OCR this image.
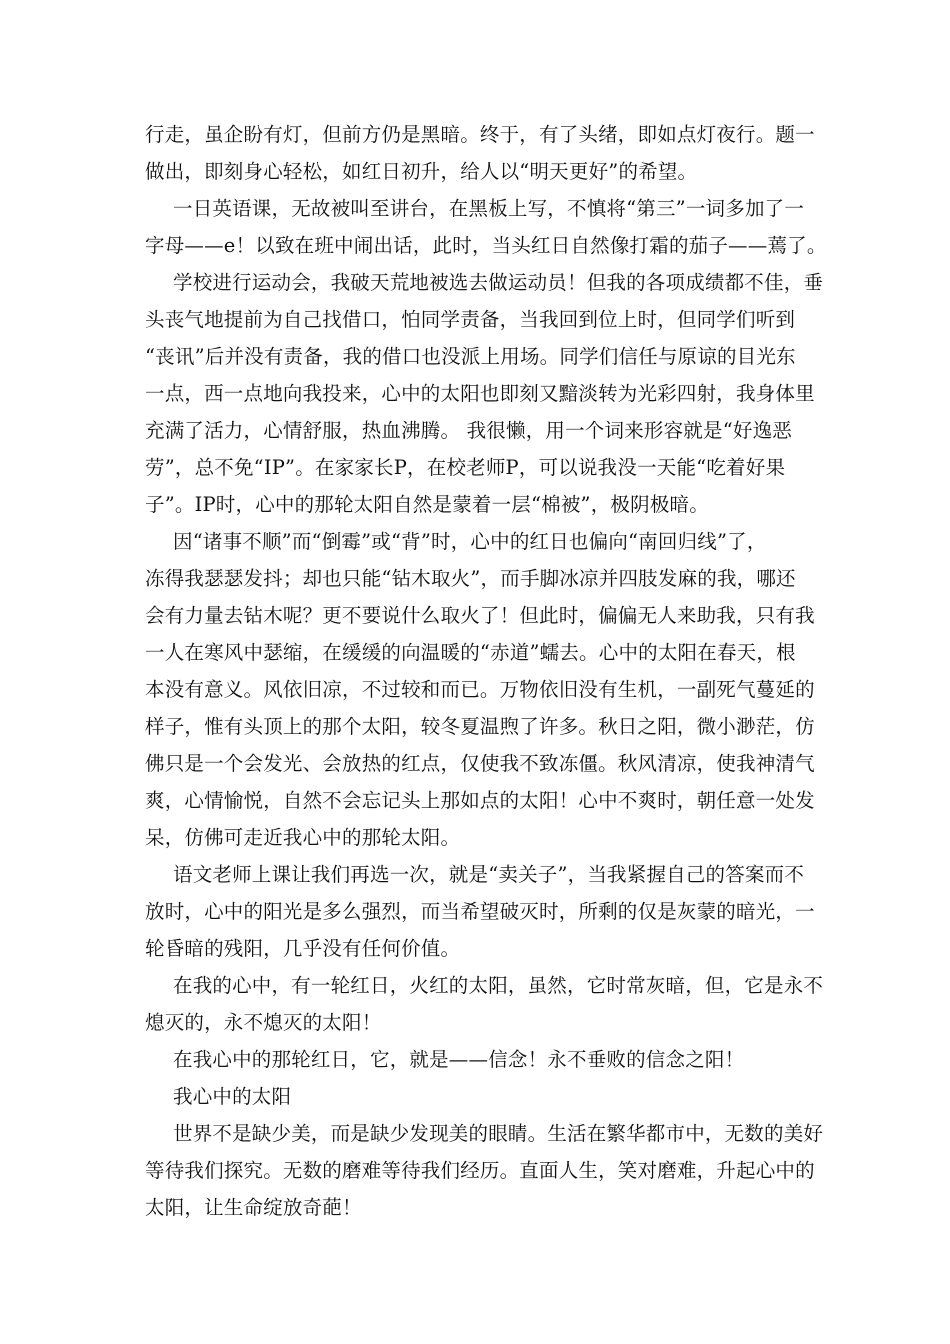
行走，虽企盼有灯，但前方仍是黑暗。终于，有了头绪，即如点灯夜行。题一
做出，即刻身心轻松，如红日初升，给人以“明天更好”的希望。
一日英语课，无故被叫至讲台，在黑板上写，不慎将“第三”一词多加了一
字母——e！以致在班中闹出话，此时，当头红日自然像打霜的茄子——蔫了。
学校进行运动会，我破天荒地被选去做运动员！但我的各项成绩都不佳，垂
头丧气地提前为自己找借口，怕同学责备，当我回到位上时，但同学们听到
“丧讯”后并没有责备，我的借口也没派上用场。同学们信任与原谅的目光东
一点，西一点地向我投来，心中的太阳也即刻又黯淡转为光彩四射，我身体里
充满了活力，心情舒服，热血沸腾。 我很懒，用一个词来形容就是“好逸恶
劳”，总不免“IP”。在家家长P，在校老师P，可以说我没一天能“吃着好果
子”。IP时，心中的那轮太阳自然是蒙着一层“棉被”，极阴极暗。
因“诸事不顺”而“倒霉”或“背”时，心中的红日也偏向“南回归线”了，
冻得我瑟瑟发抖；却也只能“钻木取火”，而手脚冰凉并四肢发麻的我，哪还
会有力量去钻木呢？更不要说什么取火了！但此时，偏偏无人来助我，只有我
一人在寒风中瑟缩，在缓缓的向温暖的“赤道”蠕去。心中的太阳在春天，根
本没有意义。风依旧凉，不过较和而已。万物依旧没有生机，一副死气蔓延的
样子，惟有头顶上的那个太阳，较冬夏温煦了许多。秋日之阳，微小渺茫，仿
佛只是一个会发光、会放热的红点，仅使我不致冻僵。秋风清凉，使我神清气
爽，心情愉悦，自然不会忘记头上那如点的太阳！心中不爽时，朝任意一处发
呆，仿佛可走近我心中的那轮太阳。
语文老师上课让我们再选一次，就是“卖关子”，当我紧握自己的答案而不
放时，心中的阳光是多么强烈，而当希望破灭时，所剩的仅是灰蒙的暗光，一
轮昏暗的残阳，几乎没有任何价值。
在我的心中，有一轮红日，火红的太阳，虽然，它时常灰暗，但，它是永不
熄灭的，永不熄灭的太阳！
在我心中的那轮红日，它，就是——信念！永不垂败的信念之阳！
我心中的太阳
世界不是缺少美，而是缺少发现美的眼睛。生活在繁华都市中，无数的美好
等待我们探究。无数的磨难等待我们经历。直面人生，笑对磨难，升起心中的
太阳，让生命绽放奇葩！
